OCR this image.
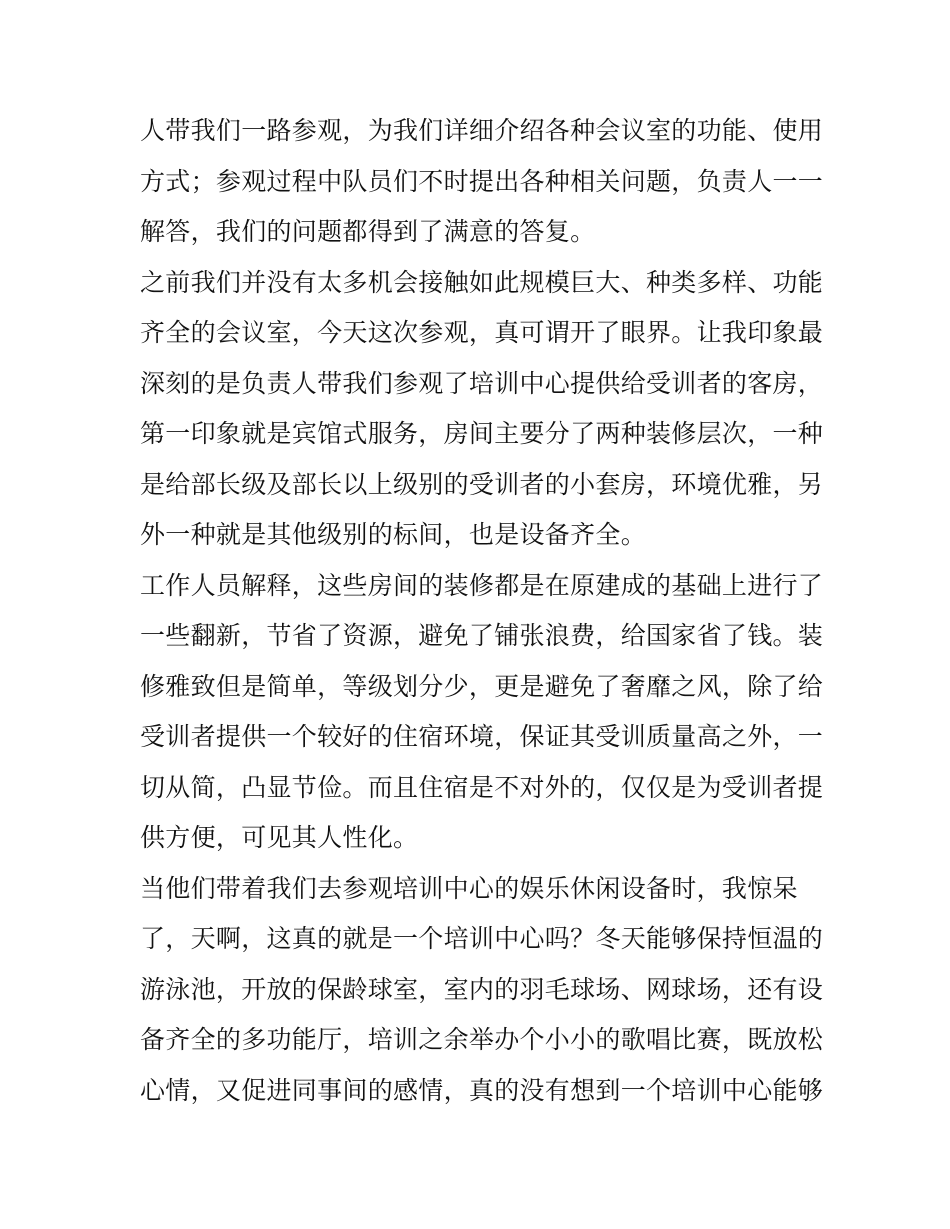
人带我们一路参观，为我们详细介绍各种会议室的功能、使用
方式；参观过程中队员们不时提出各种相关问题，负责人一一
解答，我们的问题都得到了满意的答复。
之前我们并没有太多机会接触如此规模巨大、种类多样、功能
齐全的会议室，今天这次参观，真可谓开了眼界。让我印象最
深刻的是负责人带我们参观了培训中心提供给受训者的客房，
第一印象就是宾馆式服务，房间主要分了两种装修层次，一种
是给部长级及部长以上级别的受训者的小套房，环境优雅，另
外一种就是其他级别的标间，也是设备齐全。
工作人员解释，这些房间的装修都是在原建成的基础上进行了
一些翻新，节省了资源，避免了铺张浪费，给国家省了钱。装
修雅致但是简单，等级划分少，更是避免了奢靡之风，除了给
受训者提供一个较好的住宿环境，保证其受训质量高之外，一
切从简，凸显节俭。而且住宿是不对外的，仅仅是为受训者提
供方便，可见其人性化。
当他们带着我们去参观培训中心的娱乐休闲设备时，我惊呆
了，天啊，这真的就是一个培训中心吗？冬天能够保持恒温的
游泳池，开放的保龄球室，室内的羽毛球场、网球场，还有设
备齐全的多功能厅，培训之余举办个小小的歌唱比赛，既放松
心情，又促进同事间的感情，真的没有想到一个培训中心能够
